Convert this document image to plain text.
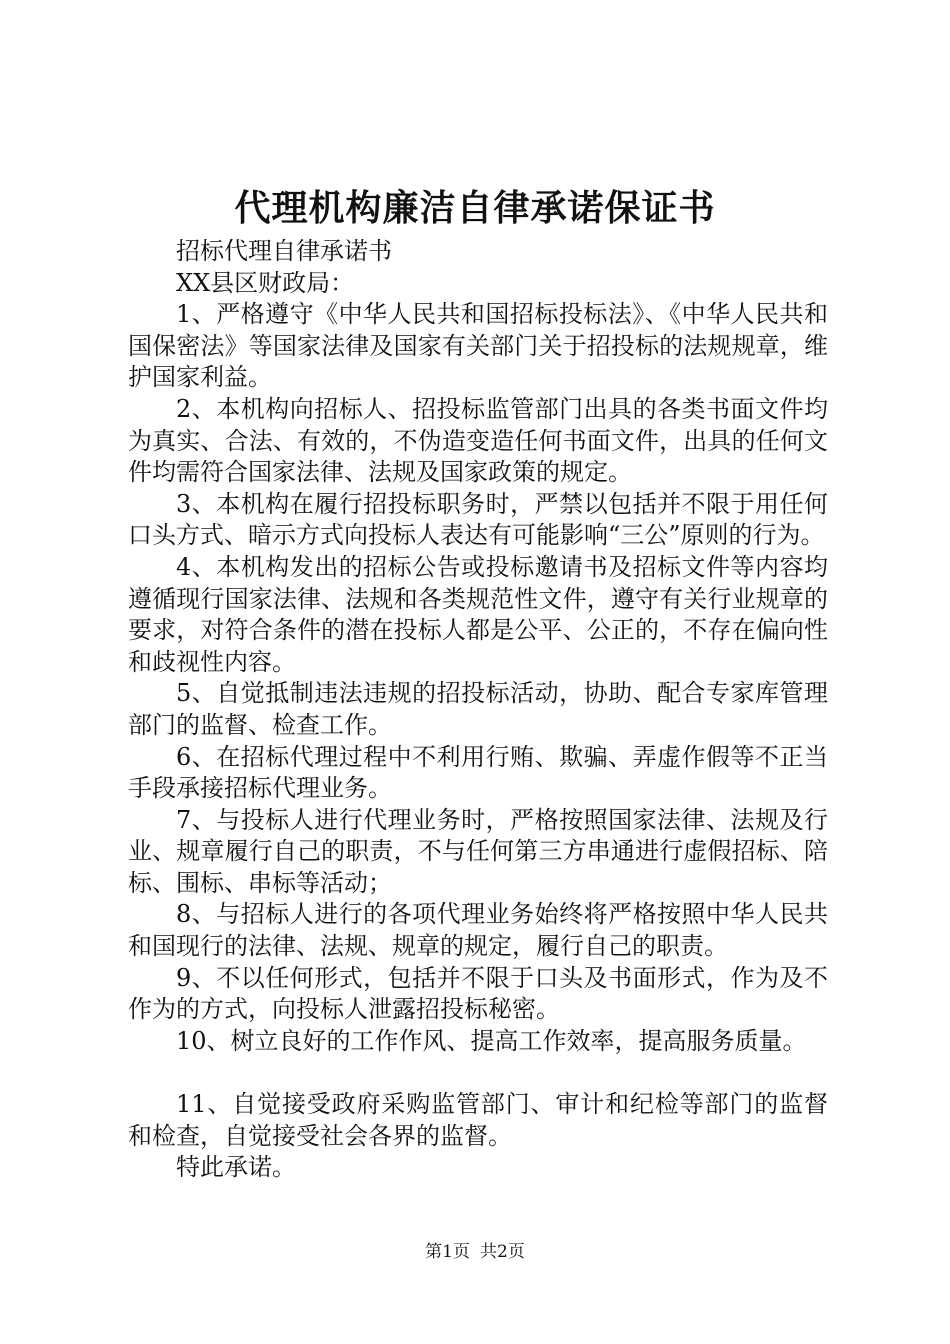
代理机构廉洁自律承诺保证书

招标代理自律承诺书

XX县区财政局：

1、严格遵守《中华人民共和国招标投标法》、《中华人民共和国保密法》等国家法律及国家有关部门关于招投标的法规规章，维护国家利益。

2、本机构向招标人、招投标监管部门出具的各类书面文件均为真实、合法、有效的，不伪造变造任何书面文件，出具的任何文件均需符合国家法律、法规及国家政策的规定。

3、本机构在履行招投标职务时，严禁以包括并不限于用任何口头方式、暗示方式向投标人表达有可能影响“三公”原则的行为。

4、本机构发出的招标公告或投标邀请书及招标文件等内容均遵循现行国家法律、法规和各类规范性文件，遵守有关行业规章的要求，对符合条件的潜在投标人都是公平、公正的，不存在偏向性和歧视性内容。

5、自觉抵制违法违规的招投标活动，协助、配合专家库管理部门的监督、检查工作。

6、在招标代理过程中不利用行贿、欺骗、弄虚作假等不正当手段承接招标代理业务。

7、与投标人进行代理业务时，严格按照国家法律、法规及行业、规章履行自己的职责，不与任何第三方串通进行虚假招标、陪标、围标、串标等活动；

8、与招标人进行的各项代理业务始终将严格按照中华人民共和国现行的法律、法规、规章的规定，履行自己的职责。

9、不以任何形式，包括并不限于口头及书面形式，作为及不作为的方式，向投标人泄露招投标秘密。

10、树立良好的工作作风、提高工作效率，提高服务质量。

11、自觉接受政府采购监管部门、审计和纪检等部门的监督和检查，自觉接受社会各界的监督。

特此承诺。

第1页 共2页
